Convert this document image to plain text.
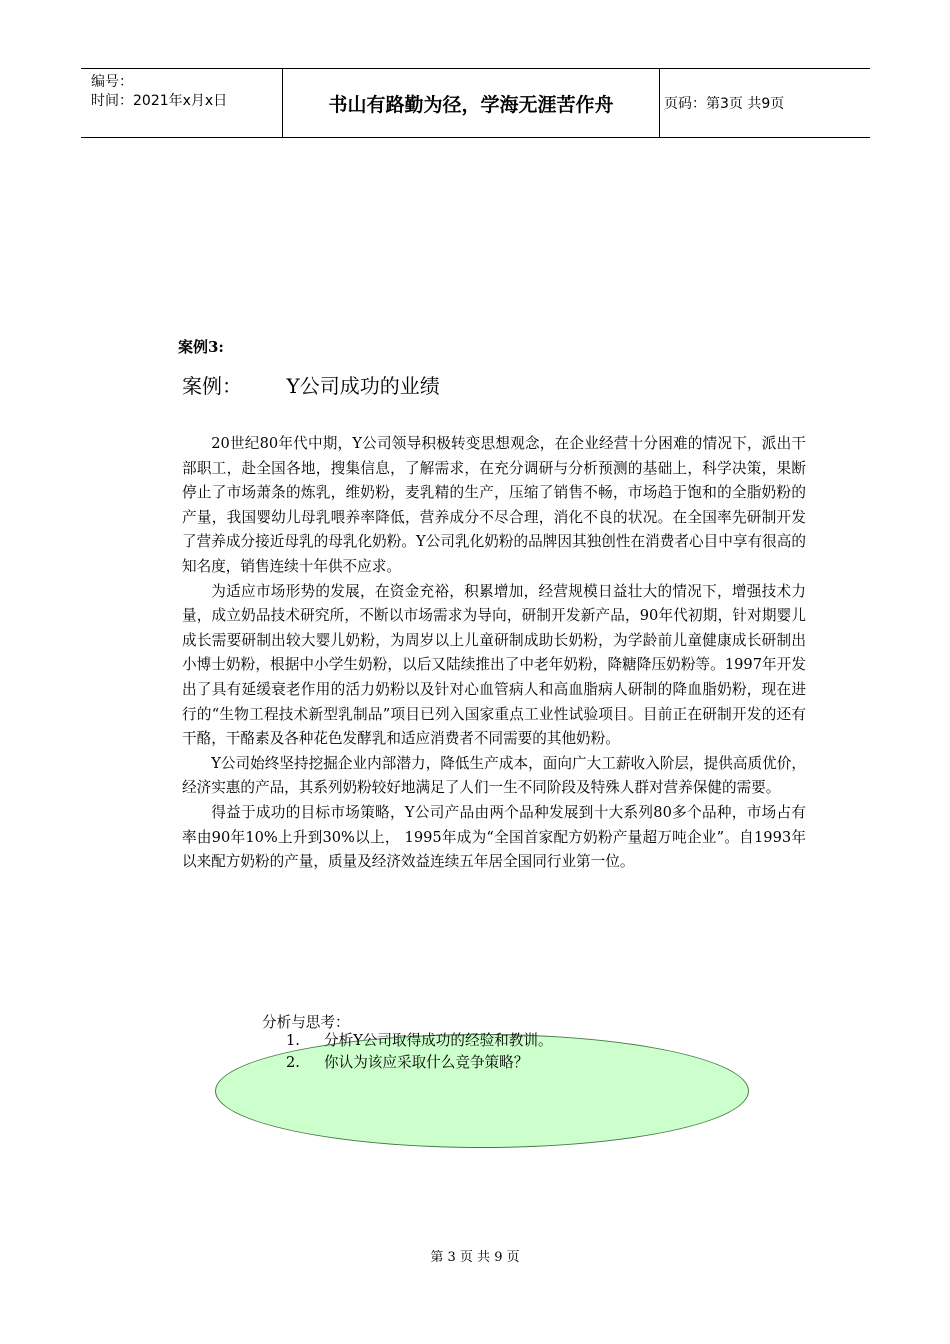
编号：
时间：2021年x月x日	书山有路勤为径，学海无涯苦作舟	页码：第3页 共9页
案例3:
案例：       Y公司成功的业绩

20世纪80年代中期，Y公司领导积极转变思想观念，在企业经营十分困难的情况下，派出干部职工，赴全国各地，搜集信息，了解需求，在充分调研与分析预测的基础上，科学决策，果断停止了市场萧条的炼乳，维奶粉，麦乳精的生产，压缩了销售不畅，市场趋于饱和的全脂奶粉的产量，我国婴幼儿母乳喂养率降低，营养成分不尽合理，消化不良的状况。在全国率先研制开发了营养成分接近母乳的母乳化奶粉。Y公司乳化奶粉的品牌因其独创性在消费者心目中享有很高的知名度，销售连续十年供不应求。

为适应市场形势的发展，在资金充裕，积累增加，经营规模日益壮大的情况下，增强技术力量，成立奶品技术研究所，不断以市场需求为导向，研制开发新产品，90年代初期，针对期婴儿成长需要研制出较大婴儿奶粉，为周岁以上儿童研制成助长奶粉，为学龄前儿童健康成长研制出小博士奶粉，根据中小学生奶粉，以后又陆续推出了中老年奶粉，降糖降压奶粉等。1997年开发出了具有延缓衰老作用的活力奶粉以及针对心血管病人和高血脂病人研制的降血脂奶粉，现在进行的“生物工程技术新型乳制品”项目已列入国家重点工业性试验项目。目前正在研制开发的还有干酪，干酪素及各种花色发酵乳和适应消费者不同需要的其他奶粉。

Y公司始终坚持挖掘企业内部潜力，降低生产成本，面向广大工薪收入阶层，提供高质优价，经济实惠的产品，其系列奶粉较好地满足了人们一生不同阶段及特殊人群对营养保健的需要。

得益于成功的目标市场策略，Y公司产品由两个品种发展到十大系列80多个品种，市场占有率由90年10%上升到30%以上， 1995年成为“全国首家配方奶粉产量超万吨企业”。自1993年以来配方奶粉的产量，质量及经济效益连续五年居全国同行业第一位。

分析与思考：
1.	分析Y公司取得成功的经验和教训。
2.	你认为该应采取什么竞争策略？
第 3 页 共 9 页
